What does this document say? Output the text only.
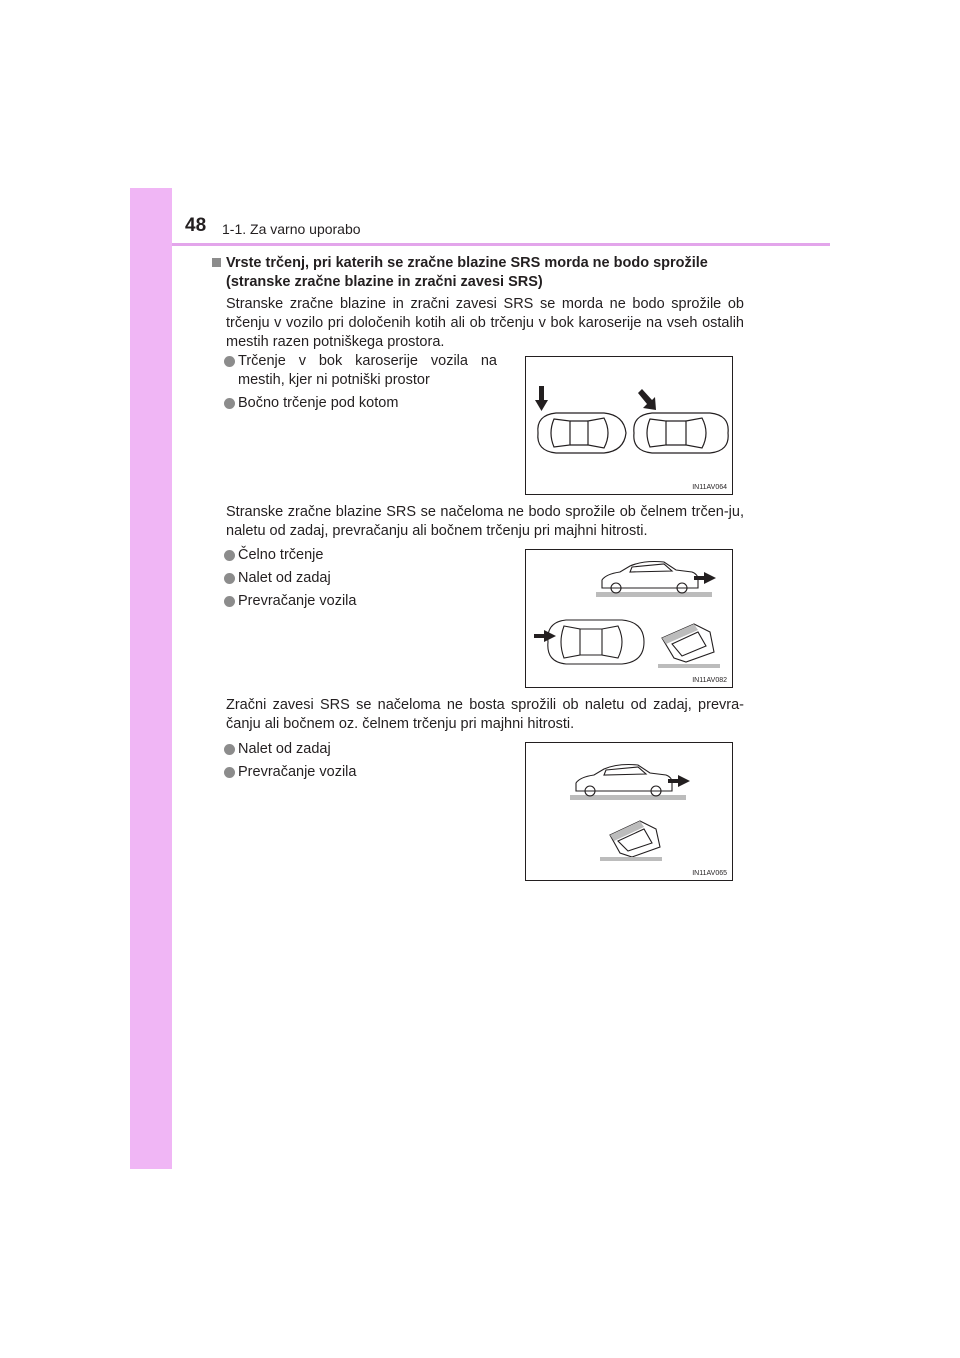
48 1-1. Za varno uporabo
Vrste trčenj, pri katerih se zračne blazine SRS morda ne bodo sprožile (stranske zračne blazine in zračni zavesi SRS)
Stranske zračne blazine in zračni zavesi SRS se morda ne bodo sprožile ob trčenju v vozilo pri določenih kotih ali ob trčenju v bok karoserije na vseh ostalih mestih razen potniškega prostora.
Trčenje v bok karoserije vozila na mestih, kjer ni potniški prostor
Bočno trčenje pod kotom
IN11AV064
Stranske zračne blazine SRS se načeloma ne bodo sprožile ob čelnem trčen-ju, naletu od zadaj, prevračanju ali bočnem trčenju pri majhni hitrosti.
Čelno trčenje
Nalet od zadaj
Prevračanje vozila
IN11AV082
Zračni zavesi SRS se načeloma ne bosta sprožili ob naletu od zadaj, prevra-čanju ali bočnem oz. čelnem trčenju pri majhni hitrosti.
Nalet od zadaj
Prevračanje vozila
IN11AV065
